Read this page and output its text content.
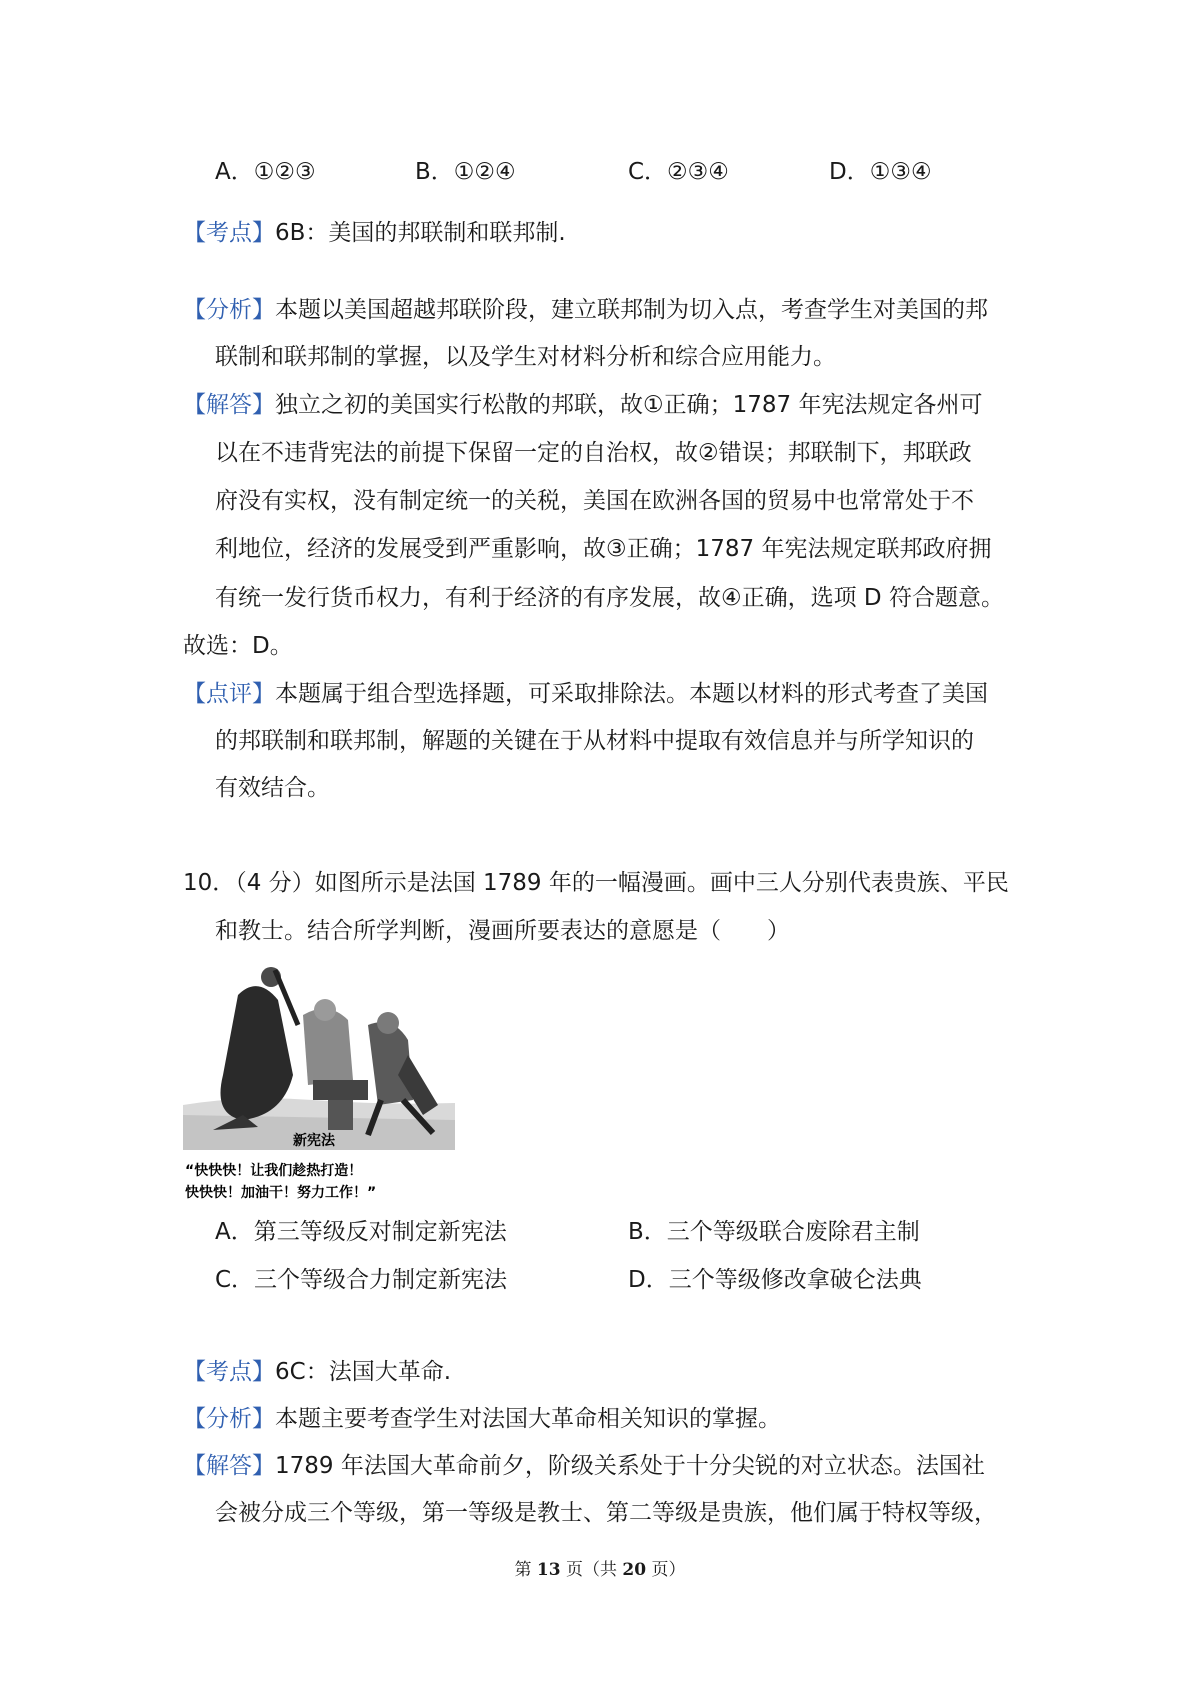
A．①②③	B．①②④	C．②③④	D．①③④
【考点】6B：美国的邦联制和联邦制.
【分析】本题以美国超越邦联阶段，建立联邦制为切入点，考查学生对美国的邦
联制和联邦制的掌握，以及学生对材料分析和综合应用能力。
【解答】独立之初的美国实行松散的邦联，故①正确；1787 年宪法规定各州可
以在不违背宪法的前提下保留一定的自治权，故②错误；邦联制下，邦联政
府没有实权，没有制定统一的关税，美国在欧洲各国的贸易中也常常处于不
利地位，经济的发展受到严重影响，故③正确；1787 年宪法规定联邦政府拥
有统一发行货币权力，有利于经济的有序发展，故④正确，选项 D 符合题意。
故选：D。
【点评】本题属于组合型选择题，可采取排除法。本题以材料的形式考查了美国
的邦联制和联邦制，解题的关键在于从材料中提取有效信息并与所学知识的
有效结合。
10．（4 分）如图所示是法国 1789 年的一幅漫画。画中三人分别代表贵族、平民
和教士。结合所学判断，漫画所要表达的意愿是（　　）
新宪法
“快快快！让我们趁热打造！
快快快！加油干！努力工作！”
A．第三等级反对制定新宪法	B．三个等级联合废除君主制
C．三个等级合力制定新宪法	D．三个等级修改拿破仑法典
【考点】6C：法国大革命.
【分析】本题主要考查学生对法国大革命相关知识的掌握。
【解答】1789 年法国大革命前夕，阶级关系处于十分尖锐的对立状态。法国社
会被分成三个等级，第一等级是教士、第二等级是贵族，他们属于特权等级，
第 13 页（共 20 页）
